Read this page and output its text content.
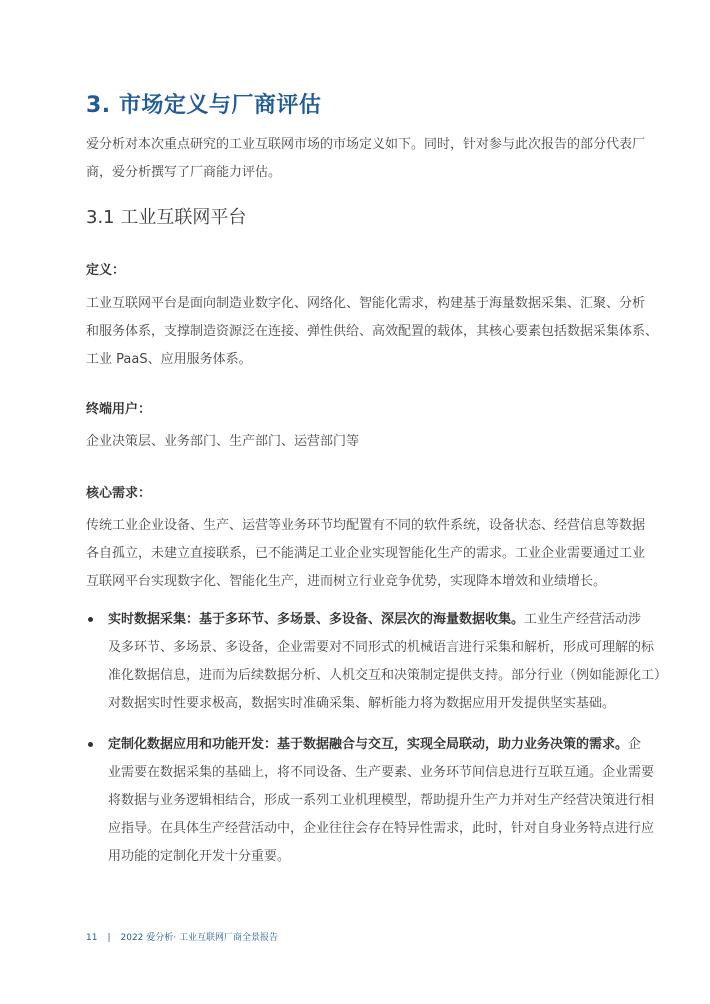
3. 市场定义与厂商评估
爱分析对本次重点研究的工业互联网市场的市场定义如下。同时，针对参与此次报告的部分代表厂
商，爱分析撰写了厂商能力评估。
3.1 工业互联网平台
定义：
工业互联网平台是面向制造业数字化、网络化、智能化需求，构建基于海量数据采集、汇聚、分析
和服务体系，支撑制造资源泛在连接、弹性供给、高效配置的载体，其核心要素包括数据采集体系、
工业 PaaS、应用服务体系。
终端用户：
企业决策层、业务部门、生产部门、运营部门等
核心需求：
传统工业企业设备、生产、运营等业务环节均配置有不同的软件系统，设备状态、经营信息等数据
各自孤立，未建立直接联系，已不能满足工业企业实现智能化生产的需求。工业企业需要通过工业
互联网平台实现数字化、智能化生产，进而树立行业竞争优势，实现降本增效和业绩增长。
实时数据采集：基于多环节、多场景、多设备、深层次的海量数据收集。工业生产经营活动涉
及多环节、多场景、多设备，企业需要对不同形式的机械语言进行采集和解析，形成可理解的标
准化数据信息，进而为后续数据分析、人机交互和决策制定提供支持。部分行业（例如能源化工）
对数据实时性要求极高，数据实时准确采集、解析能力将为数据应用开发提供坚实基础。
定制化数据应用和功能开发：基于数据融合与交互，实现全局联动，助力业务决策的需求。企
业需要在数据采集的基础上，将不同设备、生产要素、业务环节间信息进行互联互通。企业需要
将数据与业务逻辑相结合，形成一系列工业机理模型，帮助提升生产力并对生产经营决策进行相
应指导。在具体生产经营活动中，企业往往会存在特异性需求，此时，针对自身业务特点进行应
用功能的定制化开发十分重要。
11 | 2022 爱分析· 工业互联网厂商全景报告
